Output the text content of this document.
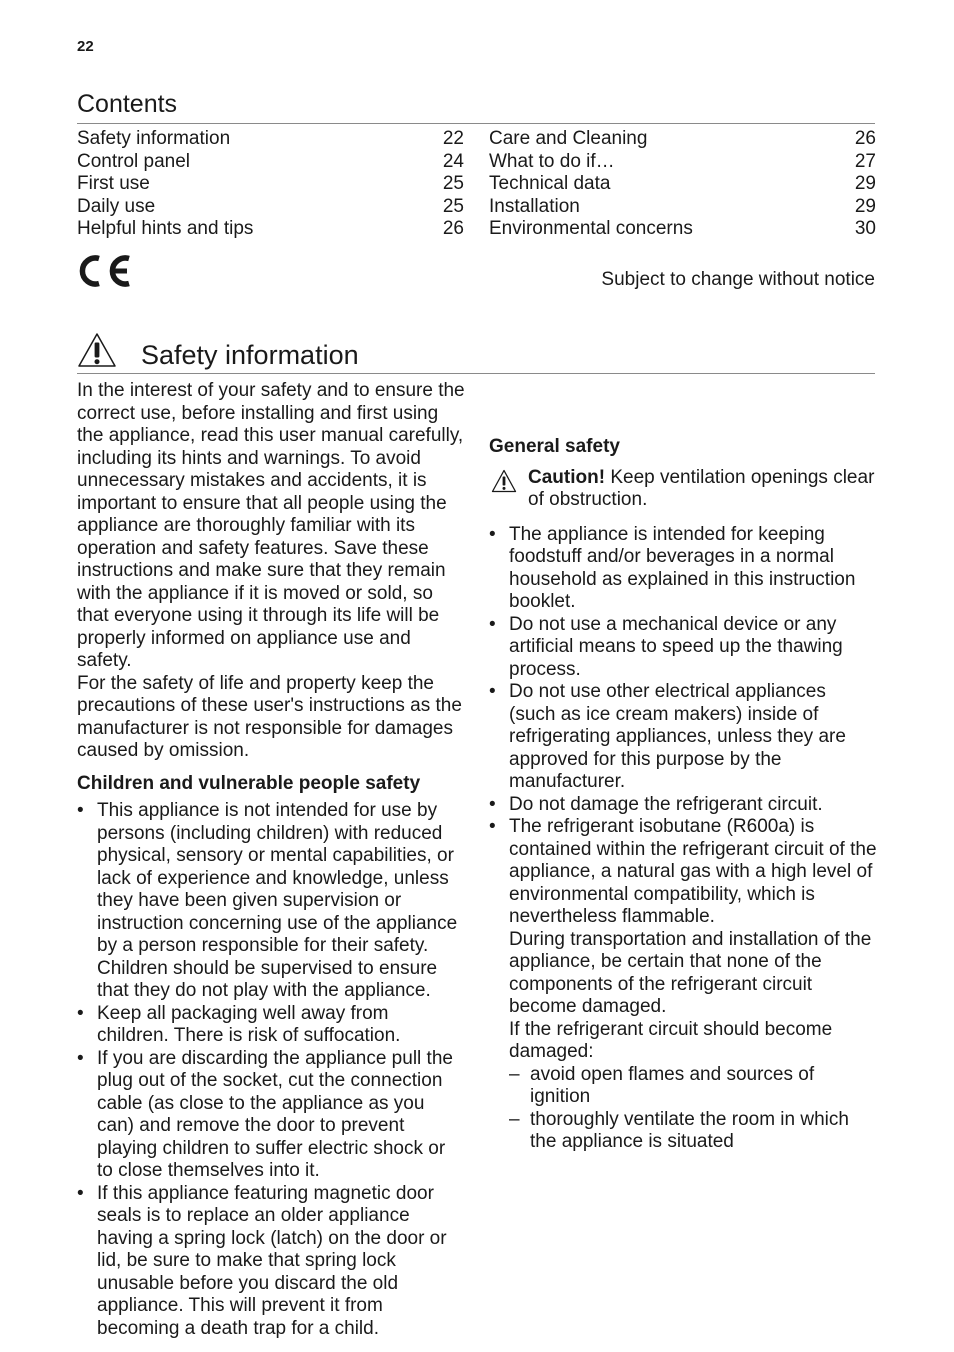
22
Contents
Safety information	22
Control panel	24
First use	25
Daily use	25
Helpful hints and tips	26
Care and Cleaning	26
What to do if…	27
Technical data	29
Installation	29
Environmental concerns	30
Subject to change without notice
Safety information

In the interest of your safety and to ensure the correct use, before installing and first using the appliance, read this user manual carefully, including its hints and warnings. To avoid unnecessary mistakes and accidents, it is important to ensure that all people using the appliance are thoroughly familiar with its operation and safety features. Save these instructions and make sure that they remain with the appliance if it is moved or sold, so that everyone using it through its life will be properly informed on appliance use and safety.

For the safety of life and property keep the precautions of these user's instructions as the manufacturer is not responsible for damages caused by omission.

Children and vulnerable people safety

• This appliance is not intended for use by persons (including children) with reduced physical, sensory or mental capabilities, or lack of experience and knowledge, unless they have been given supervision or instruction concerning use of the appliance by a person responsible for their safety. Children should be supervised to ensure that they do not play with the appliance.
• Keep all packaging well away from children. There is risk of suffocation.
• If you are discarding the appliance pull the plug out of the socket, cut the connection cable (as close to the appliance as you can) and remove the door to prevent playing children to suffer electric shock or to close themselves into it.
• If this appliance featuring magnetic door seals is to replace an older appliance having a spring lock (latch) on the door or lid, be sure to make that spring lock unusable before you discard the old appliance. This will prevent it from becoming a death trap for a child.

General safety

Caution! Keep ventilation openings clear of obstruction.
• The appliance is intended for keeping foodstuff and/or beverages in a normal household as explained in this instruction booklet.
• Do not use a mechanical device or any artificial means to speed up the thawing process.
• Do not use other electrical appliances (such as ice cream makers) inside of refrigerating appliances, unless they are approved for this purpose by the manufacturer.
• Do not damage the refrigerant circuit.
• The refrigerant isobutane (R600a) is contained within the refrigerant circuit of the appliance, a natural gas with a high level of environmental compatibility, which is nevertheless flammable.
During transportation and installation of the appliance, be certain that none of the components of the refrigerant circuit become damaged.
If the refrigerant circuit should become damaged:
– avoid open flames and sources of ignition
– thoroughly ventilate the room in which the appliance is situated
